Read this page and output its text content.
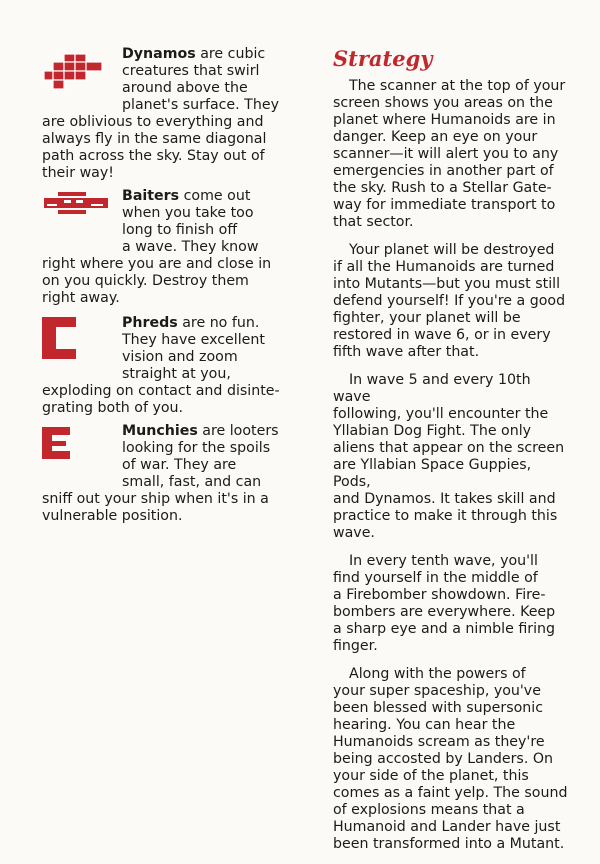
Dynamos are cubic

creatures that swirl

around above the

planet's surface. They

are oblivious to everything and

always fly in the same diagonal

path across the sky. Stay out of

their way!

Baiters come out

when you take too

long to finish off

a wave. They know

right where you are and close in

on you quickly. Destroy them

right away.

Phreds are no fun.

They have excellent

vision and zoom

straight at you,

exploding on contact and disinte-

grating both of you.

Munchies are looters

looking for the spoils

of war. They are

small, fast, and can

sniff out your ship when it's in a

vulnerable position.

Strategy
The scanner at the top of your
screen shows you areas on the
planet where Humanoids are in
danger. Keep an eye on your
scanner—it will alert you to any
emergencies in another part of
the sky. Rush to a Stellar Gate-
way for immediate transport to
that sector.
Your planet will be destroyed
if all the Humanoids are turned
into Mutants—but you must still
defend yourself! If you're a good
fighter, your planet will be
restored in wave 6, or in every
fifth wave after that.
In wave 5 and every 10th wave
following, you'll encounter the
Yllabian Dog Fight. The only
aliens that appear on the screen
are Yllabian Space Guppies, Pods,
and Dynamos. It takes skill and
practice to make it through this
wave.
In every tenth wave, you'll
find yourself in the middle of
a Firebomber showdown. Fire-
bombers are everywhere. Keep
a sharp eye and a nimble firing
finger.
Along with the powers of
your super spaceship, you've
been blessed with supersonic
hearing. You can hear the
Humanoids scream as they're
being accosted by Landers. On
your side of the planet, this
comes as a faint yelp. The sound
of explosions means that a
Humanoid and Lander have just
been transformed into a Mutant.
